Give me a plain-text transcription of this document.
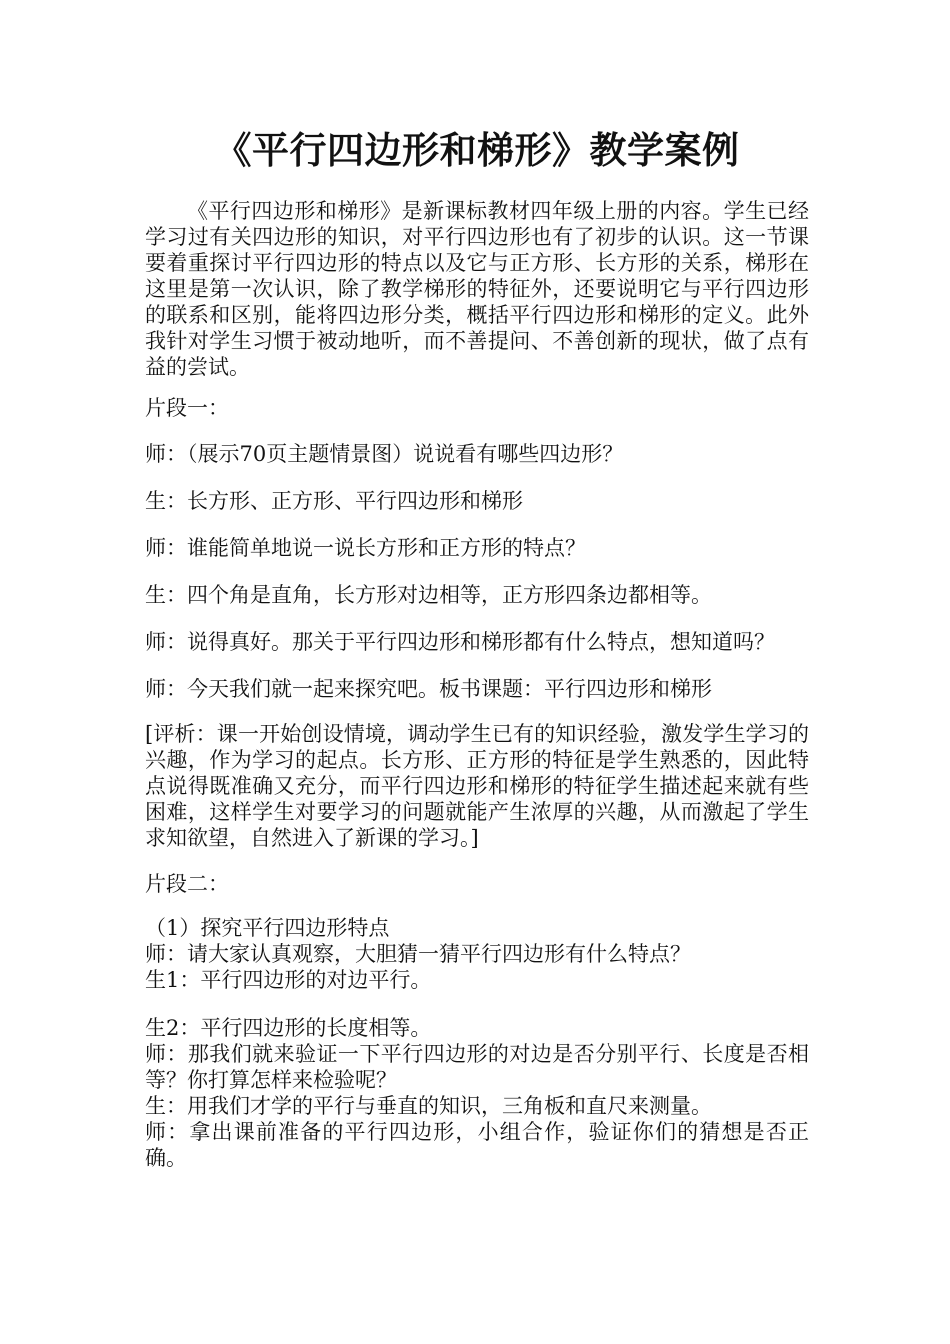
《平行四边形和梯形》教学案例
《平行四边形和梯形》是新课标教材四年级上册的内容。学生已经学习过有关四边形的知识，对平行四边形也有了初步的认识。这一节课要着重探讨平行四边形的特点以及它与正方形、长方形的关系，梯形在这里是第一次认识，除了教学梯形的特征外，还要说明它与平行四边形的联系和区别，能将四边形分类，概括平行四边形和梯形的定义。此外我针对学生习惯于被动地听，而不善提问、不善创新的现状，做了点有益的尝试。
片段一：
师：（展示70页主题情景图）说说看有哪些四边形？
生：长方形、正方形、平行四边形和梯形
师：谁能简单地说一说长方形和正方形的特点？
生：四个角是直角，长方形对边相等，正方形四条边都相等。
师：说得真好。那关于平行四边形和梯形都有什么特点，想知道吗？
师：今天我们就一起来探究吧。板书课题：平行四边形和梯形
[评析：课一开始创设情境，调动学生已有的知识经验，激发学生学习的兴趣，作为学习的起点。长方形、正方形的特征是学生熟悉的，因此特点说得既准确又充分，而平行四边形和梯形的特征学生描述起来就有些困难，这样学生对要学习的问题就能产生浓厚的兴趣，从而激起了学生求知欲望，自然进入了新课的学习。]
片段二：
（1）探究平行四边形特点
师：请大家认真观察，大胆猜一猜平行四边形有什么特点？
生1：平行四边形的对边平行。
生2：平行四边形的长度相等。
师：那我们就来验证一下平行四边形的对边是否分别平行、长度是否相等？你打算怎样来检验呢？
生：用我们才学的平行与垂直的知识，三角板和直尺来测量。
师：拿出课前准备的平行四边形，小组合作，验证你们的猜想是否正确。
